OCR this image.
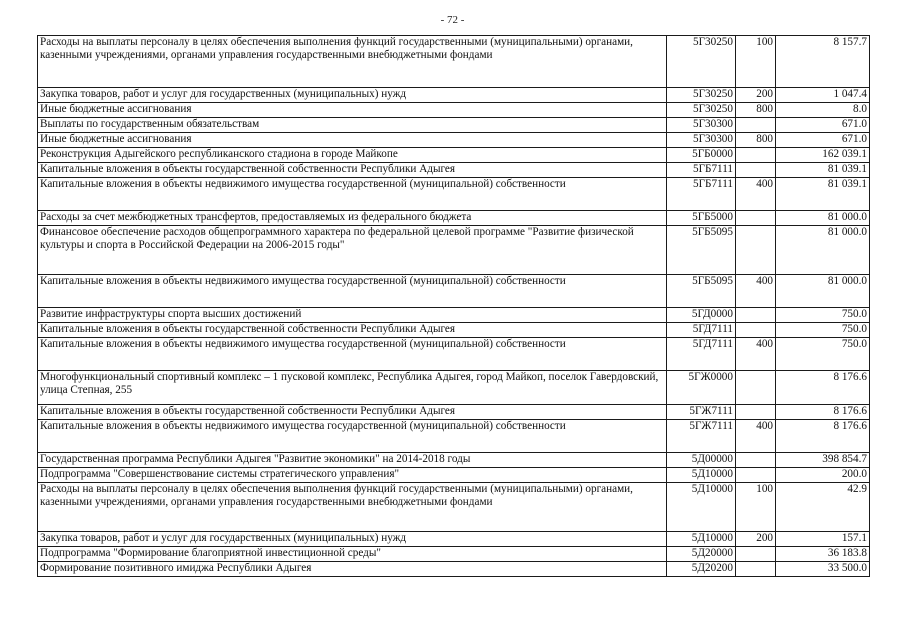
- 72 -
Расходы на выплаты персоналу в целях обеспечения выполнения функций государственными (муниципальными) органами, казенными учреждениями, органами управления государственными внебюджетными фондами	5Г30250	100	8 157.7
Закупка товаров, работ и услуг для государственных (муниципальных) нужд	5Г30250	200	1 047.4
Иные бюджетные ассигнования	5Г30250	800	8.0
Выплаты по государственным обязательствам	5Г30300		671.0
Иные бюджетные ассигнования	5Г30300	800	671.0
Реконструкция Адыгейского республиканского стадиона в городе Майкопе	5ГБ0000		162 039.1
Капитальные вложения в объекты государственной собственности Республики Адыгея	5ГБ7111		81 039.1
Капитальные вложения в объекты недвижимого имущества государственной (муниципальной) собственности	5ГБ7111	400	81 039.1
Расходы за счет межбюджетных трансфертов, предоставляемых из федерального бюджета	5ГБ5000		81 000.0
Финансовое обеспечение расходов общепрограммного характера по федеральной целевой программе "Развитие физической культуры и спорта в Российской Федерации на 2006-2015 годы"	5ГБ5095		81 000.0
Капитальные вложения в объекты недвижимого имущества государственной (муниципальной) собственности	5ГБ5095	400	81 000.0
Развитие инфраструктуры спорта высших достижений	5ГД0000		750.0
Капитальные вложения в объекты государственной собственности Республики Адыгея	5ГД7111		750.0
Капитальные вложения в объекты недвижимого имущества государственной (муниципальной) собственности	5ГД7111	400	750.0
Многофункциональный спортивный комплекс – 1 пусковой комплекс, Республика Адыгея, город Майкоп, поселок Гавердовский, улица Степная, 255	5ГЖ0000		8 176.6
Капитальные вложения в объекты государственной собственности Республики Адыгея	5ГЖ7111		8 176.6
Капитальные вложения в объекты недвижимого имущества государственной (муниципальной) собственности	5ГЖ7111	400	8 176.6
Государственная программа Республики Адыгея "Развитие экономики" на 2014-2018 годы	5Д00000		398 854.7
Подпрограмма "Совершенствование системы стратегического управления"	5Д10000		200.0
Расходы на выплаты персоналу в целях обеспечения выполнения функций государственными (муниципальными) органами, казенными учреждениями, органами управления государственными внебюджетными фондами	5Д10000	100	42.9
Закупка товаров, работ и услуг для государственных (муниципальных) нужд	5Д10000	200	157.1
Подпрограмма "Формирование благоприятной инвестиционной среды"	5Д20000		36 183.8
Формирование позитивного имиджа Республики Адыгея	5Д20200		33 500.0
